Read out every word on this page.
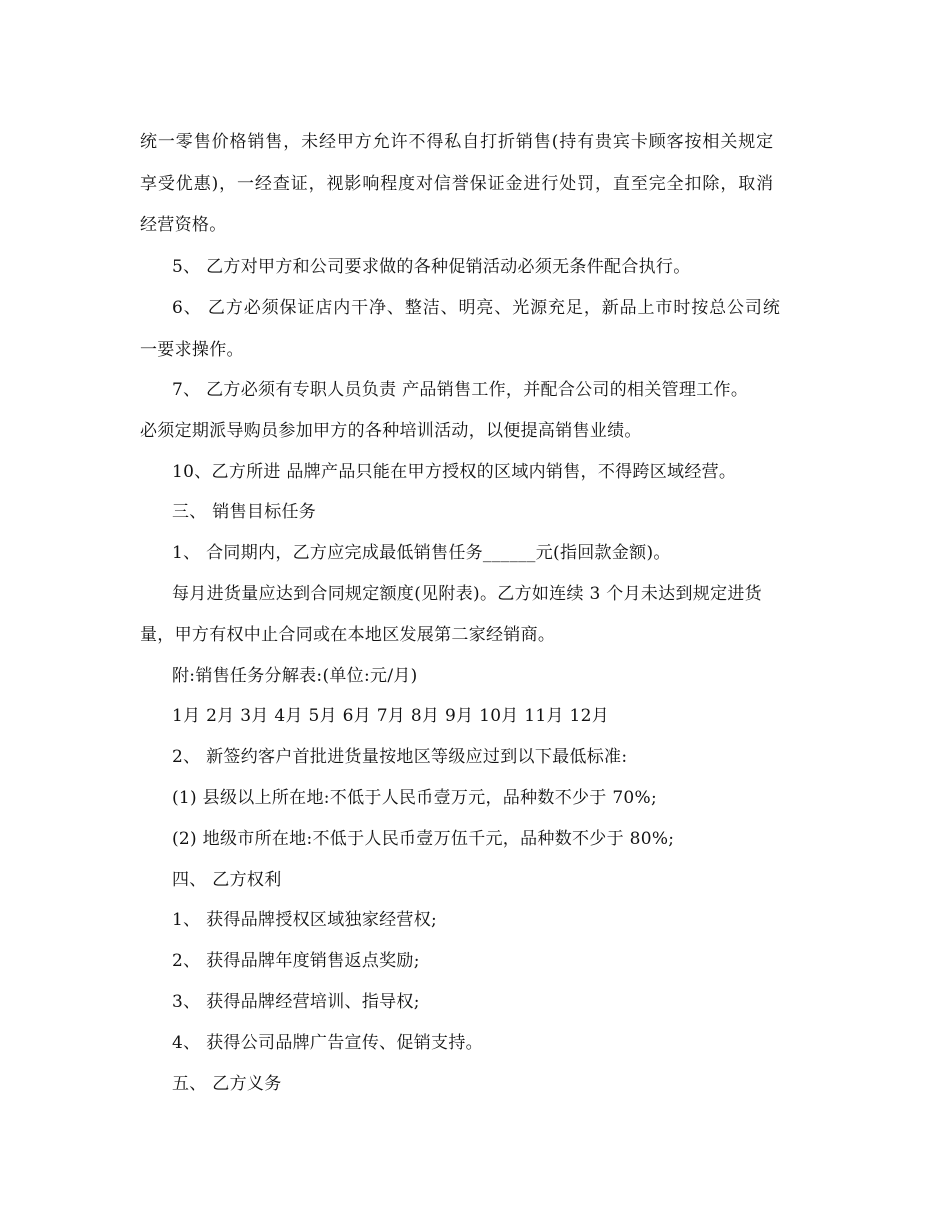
统一零售价格销售，未经甲方允许不得私自打折销售(持有贵宾卡顾客按相关规定
享受优惠)，一经查证，视影响程度对信誉保证金进行处罚，直至完全扣除，取消
经营资格。
5、 乙方对甲方和公司要求做的各种促销活动必须无条件配合执行。
6、 乙方必须保证店内干净、整洁、明亮、光源充足，新品上市时按总公司统
一要求操作。
7、 乙方必须有专职人员负责 产品销售工作，并配合公司的相关管理工作。
必须定期派导购员参加甲方的各种培训活动，以便提高销售业绩。
10、乙方所进 品牌产品只能在甲方授权的区域内销售，不得跨区域经营。
三、 销售目标任务
1、 合同期内，乙方应完成最低销售任务______元(指回款金额)。
每月进货量应达到合同规定额度(见附表)。乙方如连续 3 个月未达到规定进货
量，甲方有权中止合同或在本地区发展第二家经销商。
附:销售任务分解表:(单位:元/月)
1月 2月 3月 4月 5月 6月 7月 8月 9月 10月 11月 12月
2、 新签约客户首批进货量按地区等级应过到以下最低标准:
(1) 县级以上所在地:不低于人民币壹万元，品种数不少于 70%;
(2) 地级市所在地:不低于人民币壹万伍千元，品种数不少于 80%;
四、 乙方权利
1、 获得品牌授权区域独家经营权;
2、 获得品牌年度销售返点奖励;
3、 获得品牌经营培训、指导权;
4、 获得公司品牌广告宣传、促销支持。
五、 乙方义务
